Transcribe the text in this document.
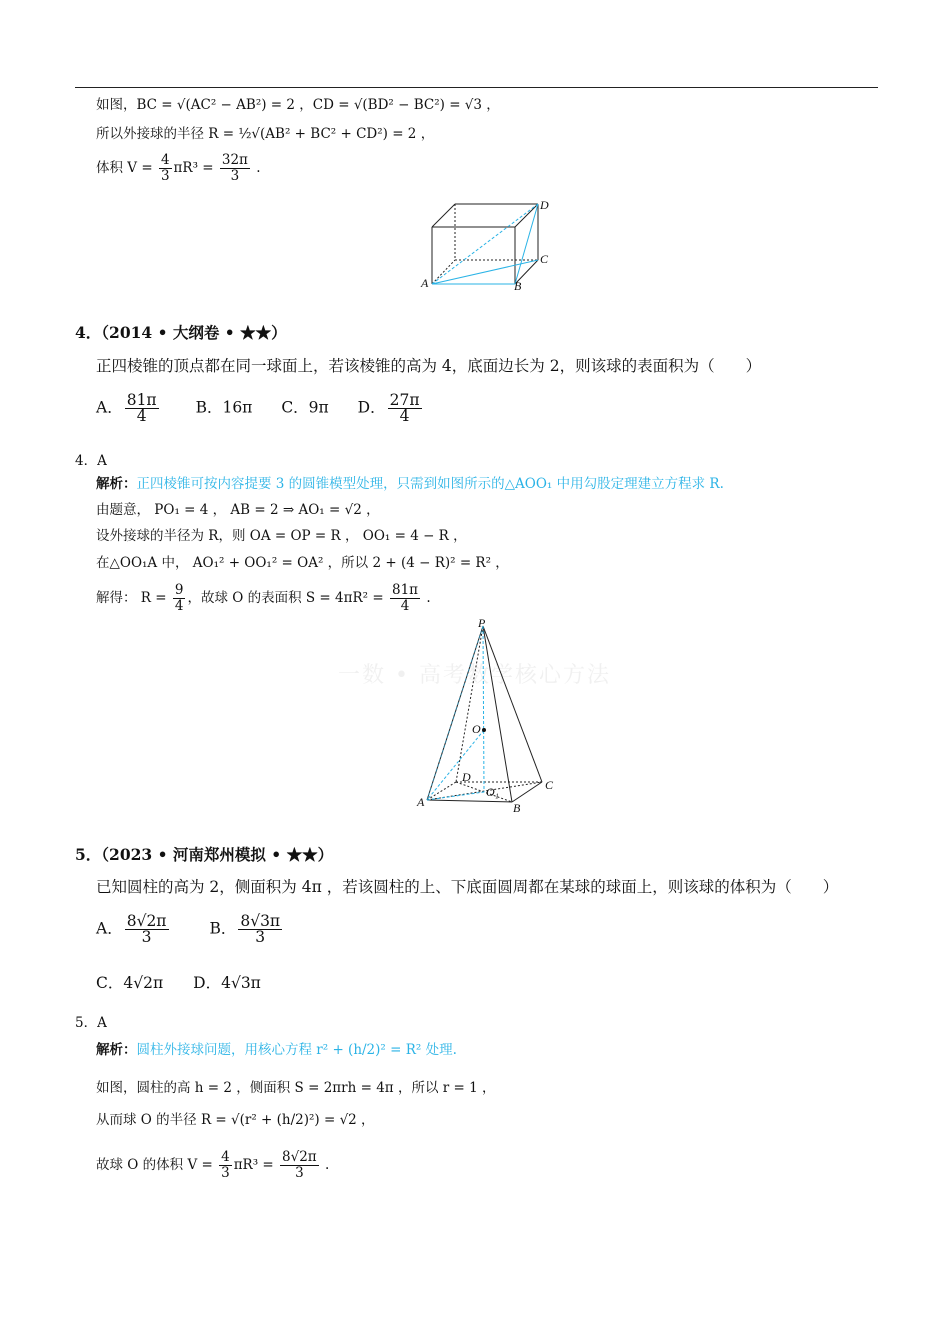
如图，BC = √(AC² − AB²) = 2 ，CD = √(BD² − BC²) = √3 ，
所以外接球的半径 R = ½√(AB² + BC² + CD²) = 2 ，
体积 $V = \frac{4}{3} \pi R^3 = \frac{32\pi}{3}$ .
A	B
C
D
4．（2014 • 大纲卷 • ★★）
正四棱锥的顶点都在同一球面上，若该棱锥的高为 4，底面边长为 2，则该球的表面积为（　　）
A． $\frac{81\pi}{4}$ B．16π C．9π D． $\frac{27\pi}{4}$
4．A
解析：正四棱锥可按内容提要 3 的圆锥模型处理，只需到如图所示的△AOO₁ 中用勾股定理建立方程求 R.
由题意， PO₁ = 4 ， AB = 2 ⇒ AO₁ = √2 ，
设外接球的半径为 R，则 OA = OP = R ， OO₁ = 4 − R ，
在△OO₁A 中， AO₁² + OO₁² = OA² ，所以 2 + (4 − R)² = R² ，
解得： $R = \frac{9}{4}$ ，故球 O 的表面积 $S = 4\pi R^2 = \frac{81\pi}{4}$ .
一数 • 高考数学核心方法
P
O
D
O₁
A	B
C
5．（2023 • 河南郑州模拟 • ★★）
已知圆柱的高为 2，侧面积为 4π ，若该圆柱的上、下底面圆周都在某球的球面上，则该球的体积为（　　）
A． $\frac{8√2\pi}{3}$	B． $\frac{8√3\pi}{3}$
C．4√2π D．4√3π
5．A
解析：圆柱外接球问题，用核心方程 r² + (h/2)² = R² 处理.
如图，圆柱的高 h = 2 ，侧面积 S = 2πrh = 4π ，所以 r = 1 ，
从而球 O 的半径 R = √(r² + (h/2)²) = √2 ，
故球 O 的体积 $V = \frac{4}{3} \pi R^3 = \frac{8√2\pi}{3}$ .
